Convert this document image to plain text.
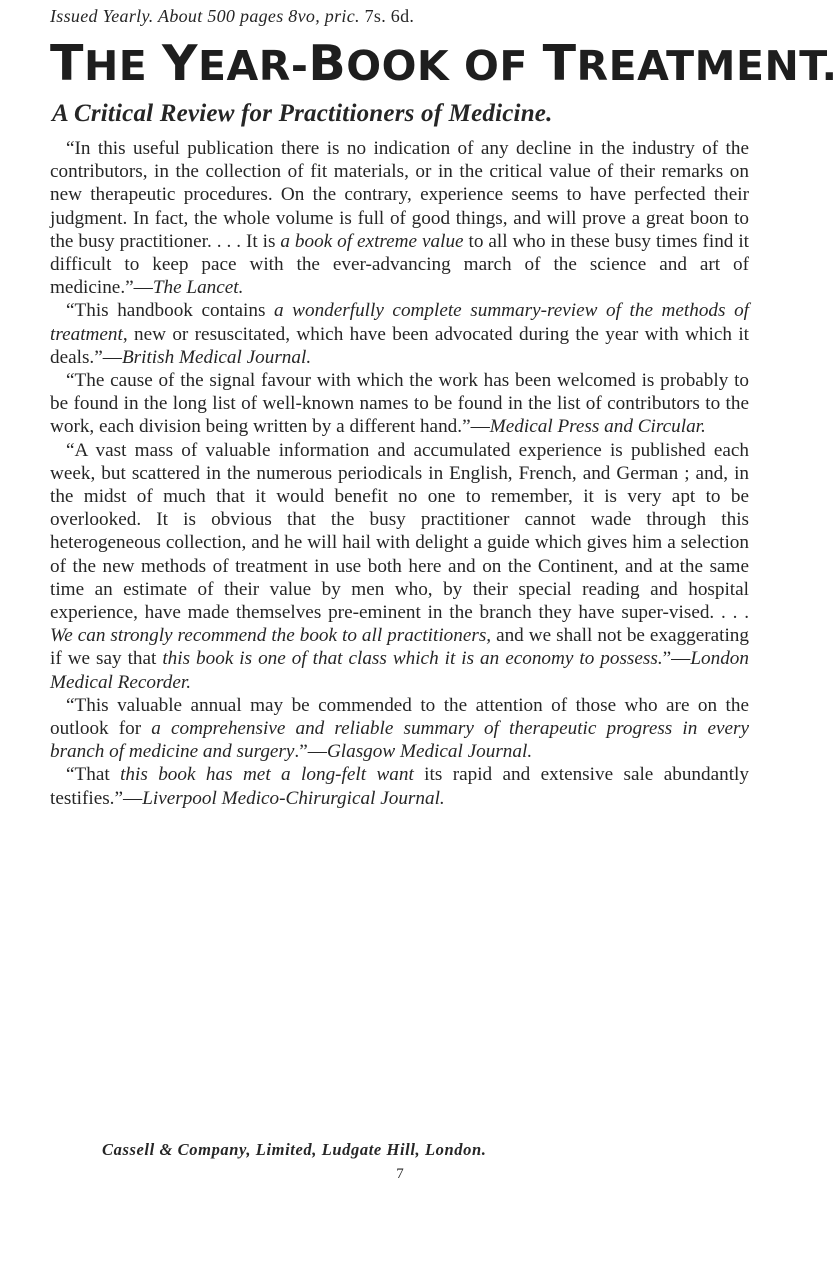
Issued Yearly. About 500 pages 8vo, pric. 7s. 6d.
THE YEAR-BOOK OF TREATMENT.
A Critical Review for Practitioners of Medicine.

“In this useful publication there is no indication of any decline in the industry of the contributors, in the collection of fit materials, or in the critical value of their remarks on new therapeutic procedures. On the contrary, experience seems to have perfected their judgment. In fact, the whole volume is full of good things, and will prove a great boon to the busy practitioner. . . . It is a book of extreme value to all who in these busy times find it difficult to keep pace with the ever-advancing march of the science and art of medicine.”—The Lancet.

“This handbook contains a wonderfully complete summary-review of the methods of treatment, new or resuscitated, which have been advocated during the year with which it deals.”—British Medical Journal.

“The cause of the signal favour with which the work has been welcomed is probably to be found in the long list of well-known names to be found in the list of contributors to the work, each division being written by a different hand.”—Medical Press and Circular.

“A vast mass of valuable information and accumulated experience is published each week, but scattered in the numerous periodicals in English, French, and German ; and, in the midst of much that it would benefit no one to remember, it is very apt to be overlooked. It is obvious that the busy practitioner cannot wade through this heterogeneous collection, and he will hail with delight a guide which gives him a selection of the new methods of treatment in use both here and on the Continent, and at the same time an estimate of their value by men who, by their special reading and hospital experience, have made themselves pre-eminent in the branch they have super-vised. . . . We can strongly recommend the book to all practitioners, and we shall not be exaggerating if we say that this book is one of that class which it is an economy to possess.”—London Medical Recorder.

“This valuable annual may be commended to the attention of those who are on the outlook for a comprehensive and reliable summary of therapeutic progress in every branch of medicine and surgery.”—Glasgow Medical Journal.

“That this book has met a long-felt want its rapid and extensive sale abundantly testifies.”—Liverpool Medico-Chirurgical Journal.

Cassell & Company, Limited, Ludgate Hill, London.
7
